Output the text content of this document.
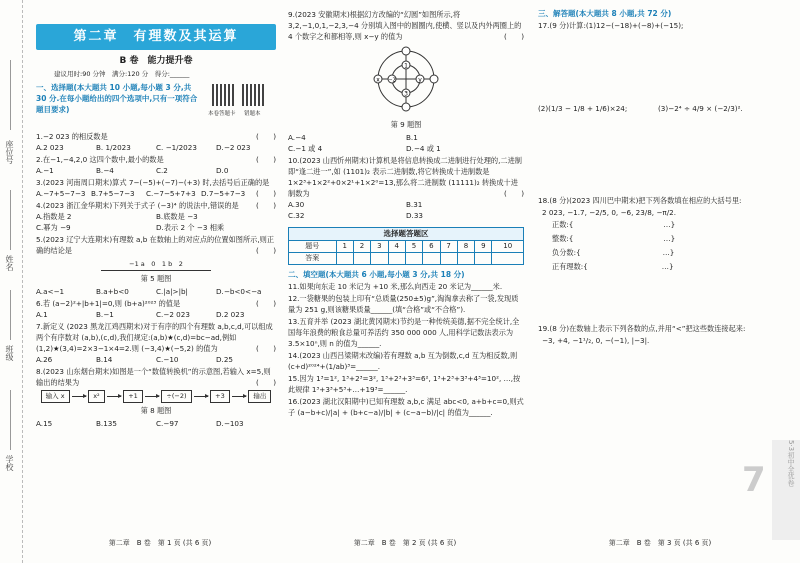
座位号
姓名
班级
学校
第二章　有理数及其运算
B 卷　能力提升卷
建议用时:90 分钟　满分:120 分　得分:______
一、选择题(本大题共 10 小题,每小题 3 分,共 30 分.在每小题给出的四个选项中,只有一项符合题目要求)	本卷答题卡 错题本
1.−2 023 的相反数是	(　　)
A.2 023	B. 1/2023	C. −1/2023	D.−2 023
2.在−1,−4,2,0 这四个数中,最小的数是	(　　)
A.−1	B.−4	C.2	D.0
3.(2023 河南周口期末)算式 7−(−5)+(−7)−(+3) 时,去括号后正确的是
(　　)
A.−7+5−7−3 B.7+5−7−3	C.−7−5+7+3 D.7−5+7−3
4.(2023 浙江金华期末)下列关于式子 (−3)⁴ 的说法中,错误的是 (　　)
A.指数是 2	B.底数是 −3
C.幂为 −9	D.表示 2 个 −3 相乘
5.(2023 辽宁大连期末)有理数 a,b 在数轴上的对应点的位置如图所示,则正确的结论是	(　　)
−1 a　0　1 b　2
第 5 题图
A.a<−1	B.a+b<0	C.|a|>|b|	D.−b<0<−a
6.若 (a−2)²+|b+1|=0,则 (b+a)²⁰²³ 的值是	(　　)
A.1	B.−1	C.−2 023	D.2 023
7.新定义 (2023 黑龙江鸡西期末)对于有序的四个有理数 a,b,c,d,可以组成两个有序数对 (a,b),(c,d),我们规定:(a,b)★(c,d)=bc−ad,例如 (1,2)★(3,4)=2×3−1×4=2.则 (−3,4)★(−5,2) 的值为	(　　)
A.26	B.14	C.−10	D.25
8.(2023 山东烟台期末)如图是一个“数值转换机”的示意图,若输入 x=5,则输出的结果为	(　　)
输入 x	x²	+1	÷(−2)	+3	输出
第 8 题图
A.15	B.135	C.−97	D.−103
9.(2023 安徽期末)根据幻方改编的“幻圆”如图所示,将 3,2,−1,0,1,−2,3,−4 分别填入图中的圆圈内,使横、竖以及内外两圈上的 4 个数字之和都相等,则 x−y 的值为	(　　)
x	y
1
3
−2
第 9 题图
A.−4	B.1
C.−1 或 4	D.−4 或 1
10.(2023 山西忻州期末)计算机是将信息转换成二进制进行处理的,二进制即“逢二进一”,如 (1101)₂ 表示二进制数,将它转换成十进制数是 1×2³+1×2²+0×2¹+1×2⁰=13,那么将二进制数 (11111)₂ 转换成十进制数为	(　　)
A.30	B.31
C.32	D.33
选择题答题区
题号	1	2	3	4	5	6	7	8	9	10
答案										
二、填空题(本大题共 6 小题,每小题 3 分,共 18 分)
11.如果向东走 10 米记为 +10 米,那么向西走 20 米记为______米.
12.一袋糖果的包装上印有“总质量(250±5)g”,淘淘拿去称了一袋,发现质量为 251 g,则该糖果质量______(填“合格”或“不合格”).
13.五育并举 (2023 湖北黄冈期末)节约是一种传统美德,据不完全统计,全国每年浪费的粮食总量可养活约 350 000 000 人,用科学记数法表示为 3.5×10ⁿ,则 n 的值为______.
14.(2023 山西吕梁期末改编)若有理数 a,b 互为倒数,c,d 互为相反数,则 (c+d)²⁰²⁴+(1/ab)³=______.
15.因为 1³=1², 1³+2³=3², 1³+2³+3³=6², 1³+2³+3³+4³=10², …,按此规律 1³+3³+5³+…+19³=______.
16.(2023 湖北汉阳期中)已知有理数 a,b,c 满足 abc<0, a+b+c=0,则式子 (a−b+c)/|a| + (b+c−a)/|b| + (c−a−b)/|c| 的值为______.
三、解答题(本大题共 8 小题,共 72 分)
17.(9 分)计算:(1)12−(−18)+(−8)+(−15);
(2)(1/3 − 1/8 + 1/6)×24;	(3)−2⁴ ÷ 4/9 × (−2/3)².
18.(8 分)(2023 四川巴中期末)把下列各数填在相应的大括号里:
2 023, −1.7, −2/5, 0, −6, 23/8, −π/2.
正数:{	…}
整数:{	…}
负分数:{	…}
正有理数:{	…}
19.(8 分)在数轴上表示下列各数的点,并用“<”把这些数连接起来:
−3, +4, −1¹/₂, 0, −(−1), |−3|.
第二章　B 卷　第 1 页 (共 6 页)	第二章　B 卷　第 2 页 (共 6 页)	第二章　B 卷　第 3 页 (共 6 页)
7	5·3初中全优卷
